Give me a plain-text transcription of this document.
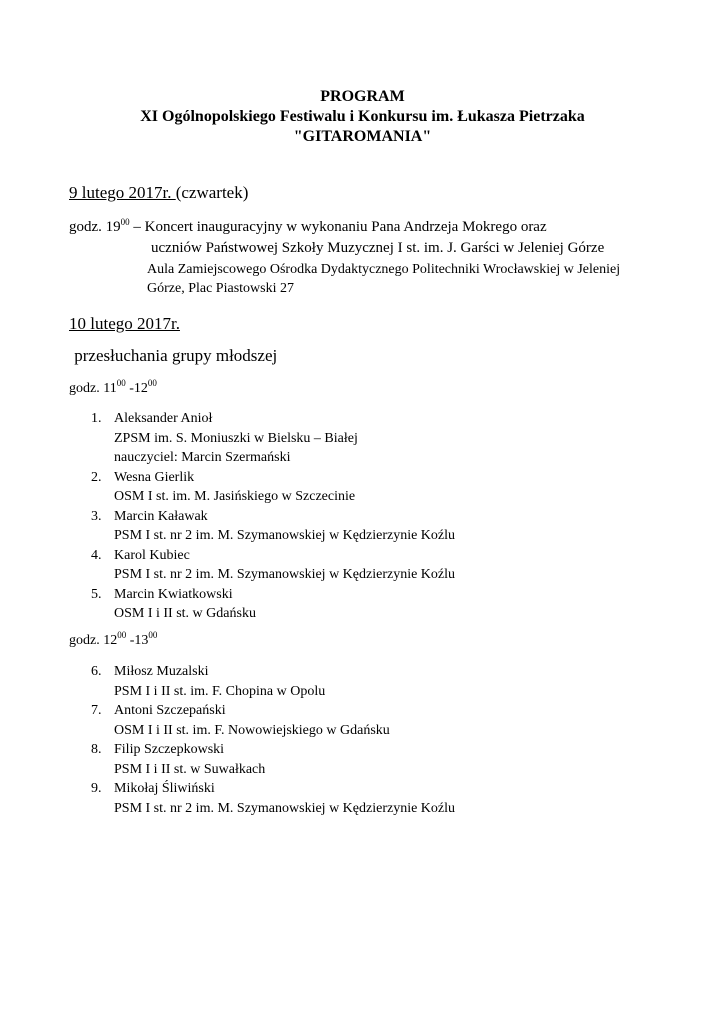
PROGRAM
XI Ogólnopolskiego Festiwalu i Konkursu im. Łukasza Pietrzaka
"GITAROMANIA"
9 lutego 2017r. (czwartek)
godz. $19^{00}$ – Koncert inauguracyjny w wykonaniu Pana Andrzeja Mokrego oraz
uczniów Państwowej Szkoły Muzycznej I st. im. J. Garści w Jeleniej Górze
Aula Zamiejscowego Ośrodka Dydaktycznego Politechniki Wrocławskiej w Jeleniej
Górze, Plac Piastowski 27
10 lutego 2017r.
przesłuchania grupy młodszej
godz. $11^{00}$ $-12^{00}$
1. Aleksander Anioł
ZPSM im. S. Moniuszki w Bielsku – Białej
nauczyciel: Marcin Szermański
2. Wesna Gierlik
OSM I st. im. M. Jasińskiego w Szczecinie
3. Marcin Kaławak
PSM I st. nr 2 im. M. Szymanowskiej w Kędzierzynie Koźlu
4. Karol Kubiec
PSM I st. nr 2 im. M. Szymanowskiej w Kędzierzynie Koźlu
5. Marcin Kwiatkowski
OSM I i II st. w Gdańsku
godz. $12^{00}$ $-13^{00}$
6. Miłosz Muzalski
PSM I i II st. im. F. Chopina w Opolu
7. Antoni Szczepański
OSM I i II st. im. F. Nowowiejskiego w Gdańsku
8. Filip Szczepkowski
PSM I i II st. w Suwałkach
9. Mikołaj Śliwiński
PSM I st. nr 2 im. M. Szymanowskiej w Kędzierzynie Koźlu
